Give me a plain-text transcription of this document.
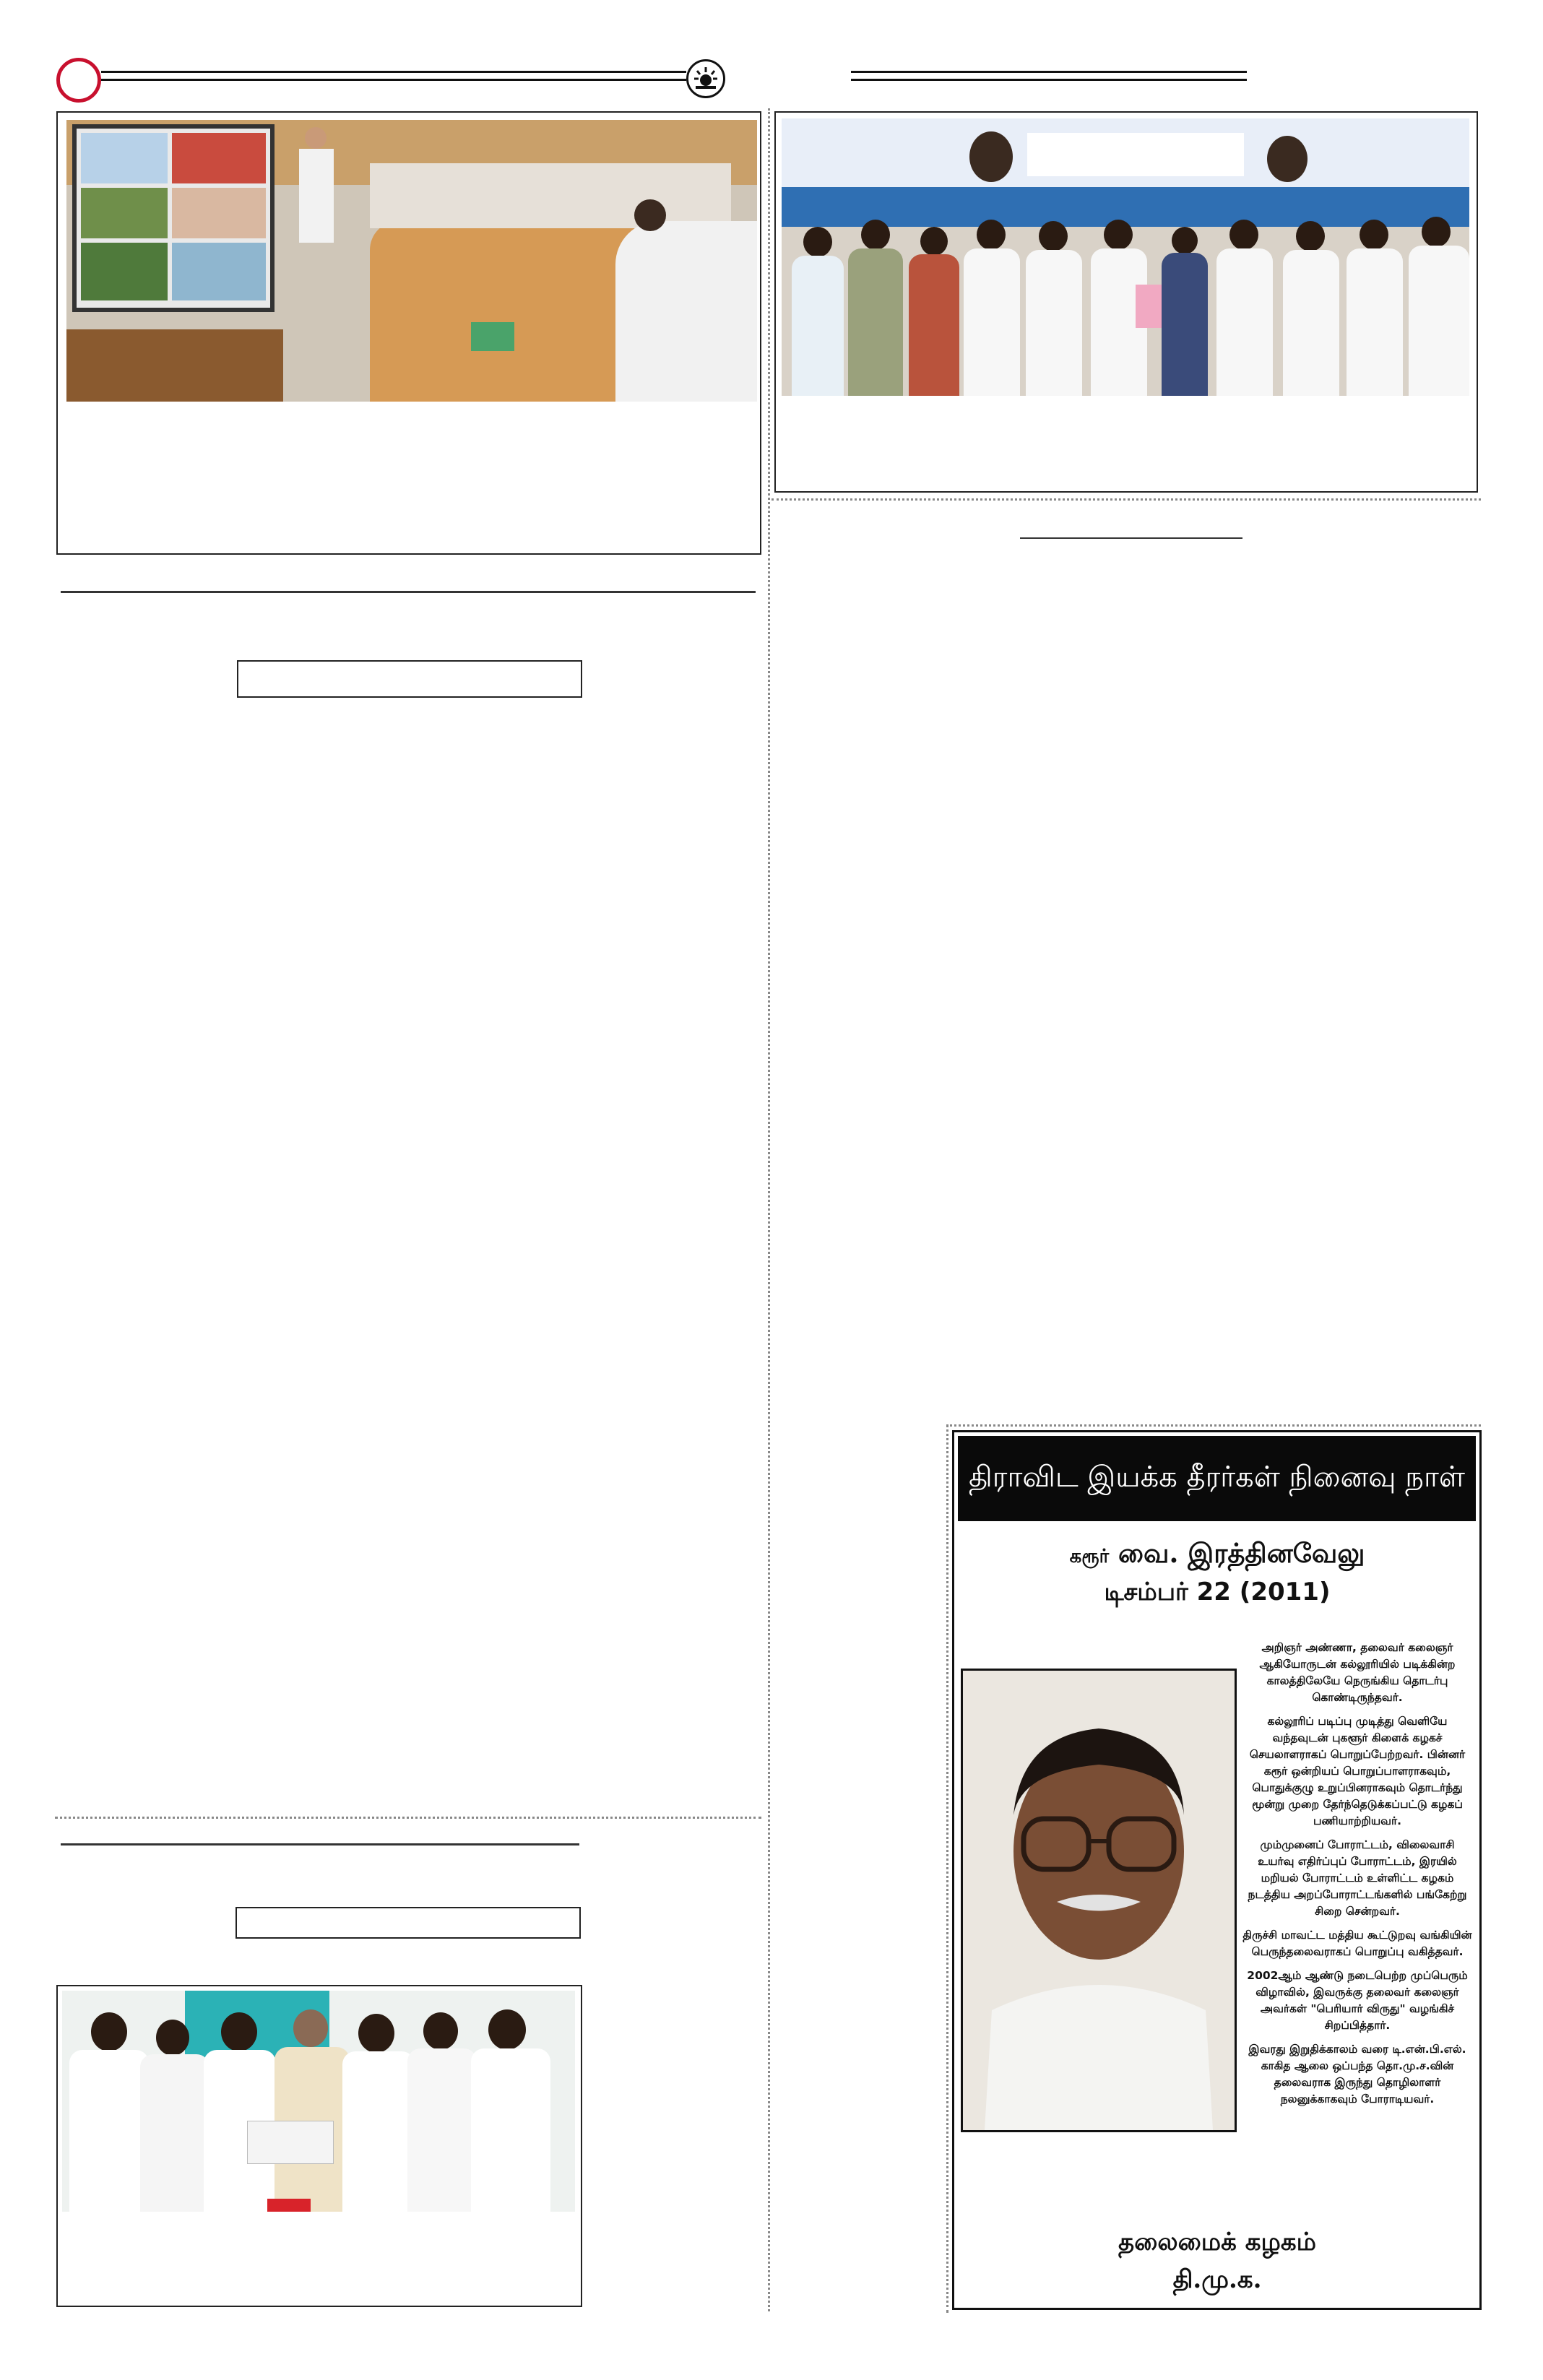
திராவிட இயக்க தீரர்கள் நினைவு நாள்
கரூர் வை. இரத்தினவேலு
டிசம்பர் 22 (2011)

அறிஞர் அண்ணா, தலைவர் கலைஞர் ஆகியோருடன் கல்லூரியில் படிக்கின்ற காலத்திலேயே நெருங்கிய தொடர்பு கொண்டிருந்தவர்.

கல்லூரிப் படிப்பு முடித்து வெளியே வந்தவுடன் புகளூர் கிளைக் கழகச் செயலாளராகப் பொறுப்பேற்றவர். பின்னர் கரூர் ஒன்றியப் பொறுப்பாளராகவும், பொதுக்குழு உறுப்பினராகவும் தொடர்ந்து மூன்று முறை தேர்ந்தெடுக்கப்பட்டு கழகப் பணியாற்றியவர்.

மும்முனைப் போராட்டம், விலைவாசி உயர்வு எதிர்ப்புப் போராட்டம், இரயில் மறியல் போராட்டம் உள்ளிட்ட கழகம் நடத்திய அறப்போராட்டங்களில் பங்கேற்று சிறை சென்றவர்.

திருச்சி மாவட்ட மத்திய கூட்டுறவு வங்கியின் பெருந்தலைவராகப் பொறுப்பு வகித்தவர்.

2002ஆம் ஆண்டு நடைபெற்ற முப்பெரும் விழாவில், இவருக்கு தலைவர் கலைஞர் அவர்கள் "பெரியார் விருது" வழங்கிச் சிறப்பித்தார்.

இவரது இறுதிக்காலம் வரை டி.என்.பி.எல். காகித ஆலை ஒப்பந்த தொ.மு.ச.வின் தலைவராக இருந்து தொழிலாளர் நலனுக்காகவும் போராடியவர்.

தலைமைக் கழகம்
தி.மு.க.
